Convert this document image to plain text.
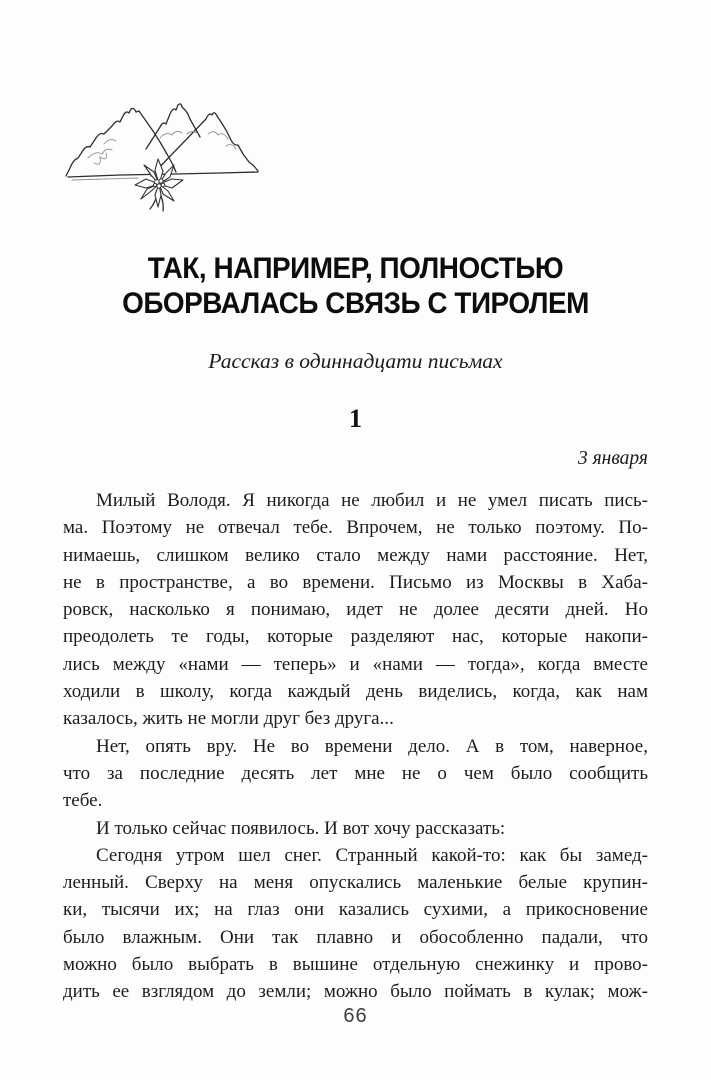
ТАК, НАПРИМЕР, ПОЛНОСТЬЮ
ОБОРВАЛАСЬ СВЯЗЬ С ТИРОЛЕМ
Рассказ в одиннадцати письмах
1
3 января
Милый Володя. Я никогда не любил и не умел писать пись-
ма. Поэтому не отвечал тебе. Впрочем, не только поэтому. По-
нимаешь, слишком велико стало между нами расстояние. Нет,
не в пространстве, а во времени. Письмо из Москвы в Хаба-
ровск, насколько я понимаю, идет не долее десяти дней. Но
преодолеть те годы, которые разделяют нас, которые накопи-
лись между «нами — теперь» и «нами — тогда», когда вместе
ходили в школу, когда каждый день виделись, когда, как нам
казалось, жить не могли друг без друга...
Нет, опять вру. Не во времени дело. А в том, наверное,
что за последние десять лет мне не о чем было сообщить
тебе.
И только сейчас появилось. И вот хочу рассказать:
Сегодня утром шел снег. Странный какой-то: как бы замед-
ленный. Сверху на меня опускались маленькие белые крупин-
ки, тысячи их; на глаз они казались сухими, а прикосновение
было влажным. Они так плавно и обособленно падали, что
можно было выбрать в вышине отдельную снежинку и прово-
дить ее взглядом до земли; можно было поймать в кулак; мож-
66
